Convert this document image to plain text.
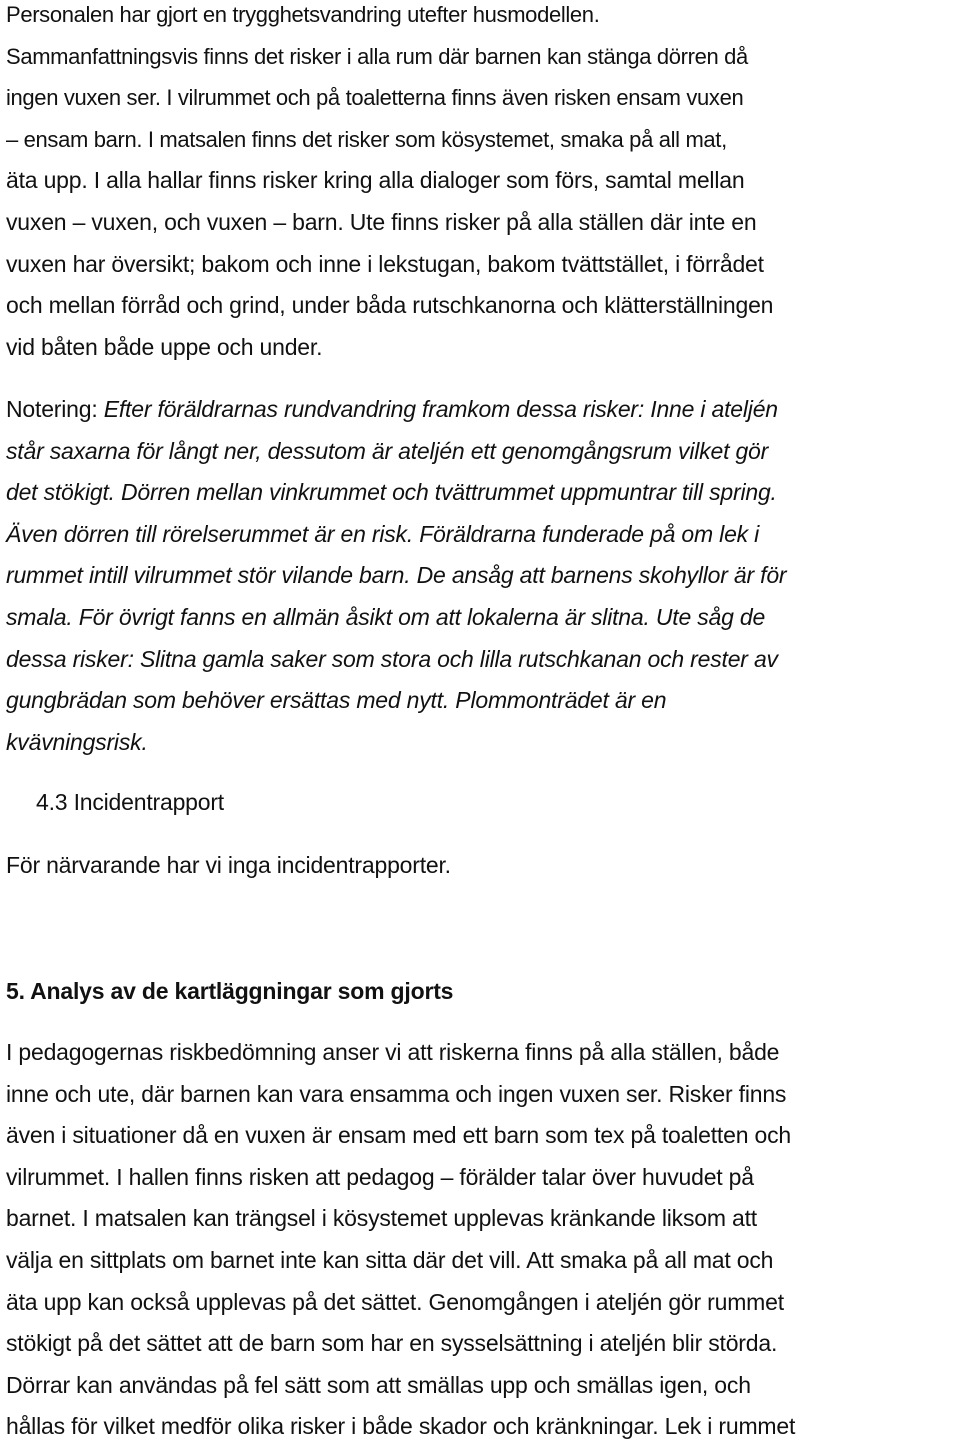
Personalen har gjort en trygghetsvandring utefter husmodellen.
Sammanfattningsvis finns det risker i alla rum där barnen kan stänga dörren då
ingen vuxen ser. I vilrummet och på toaletterna finns även risken ensam vuxen
– ensam barn. I matsalen finns det risker som kösystemet, smaka på all mat,
äta upp. I alla hallar finns risker kring alla dialoger som förs, samtal mellan
vuxen – vuxen, och vuxen – barn. Ute finns risker på alla ställen där inte en
vuxen har översikt; bakom och inne i lekstugan, bakom tvättstället, i förrådet
och mellan förråd och grind, under båda rutschkanorna och klätterställningen
vid båten både uppe och under.

Notering: Efter föräldrarnas rundvandring framkom dessa risker: Inne i ateljén
står saxarna för långt ner, dessutom är ateljén ett genomgångsrum vilket gör
det stökigt. Dörren mellan vinkrummet och tvättrummet uppmuntrar till spring.
Även dörren till rörelserummet är en risk. Föräldrarna funderade på om lek i
rummet intill vilrummet stör vilande barn. De ansåg att barnens skohyllor är för
smala. För övrigt fanns en allmän åsikt om att lokalerna är slitna. Ute såg de
dessa risker: Slitna gamla saker som stora och lilla rutschkanan och rester av
gungbrädan som behöver ersättas med nytt. Plommonträdet är en
kvävningsrisk.

4.3 Incidentrapport

För närvarande har vi inga incidentrapporter.

5. Analys av de kartläggningar som gjorts

I pedagogernas riskbedömning anser vi att riskerna finns på alla ställen, både
inne och ute, där barnen kan vara ensamma och ingen vuxen ser. Risker finns
även i situationer då en vuxen är ensam med ett barn som tex på toaletten och
vilrummet. I hallen finns risken att pedagog – förälder talar över huvudet på
barnet. I matsalen kan trängsel i kösystemet upplevas kränkande liksom att
välja en sittplats om barnet inte kan sitta där det vill. Att smaka på all mat och
äta upp kan också upplevas på det sättet. Genomgången i ateljén gör rummet
stökigt på det sättet att de barn som har en sysselsättning i ateljén blir störda.
Dörrar kan användas på fel sätt som att smällas upp och smällas igen, och
hållas för vilket medför olika risker i både skador och kränkningar. Lek i rummet
